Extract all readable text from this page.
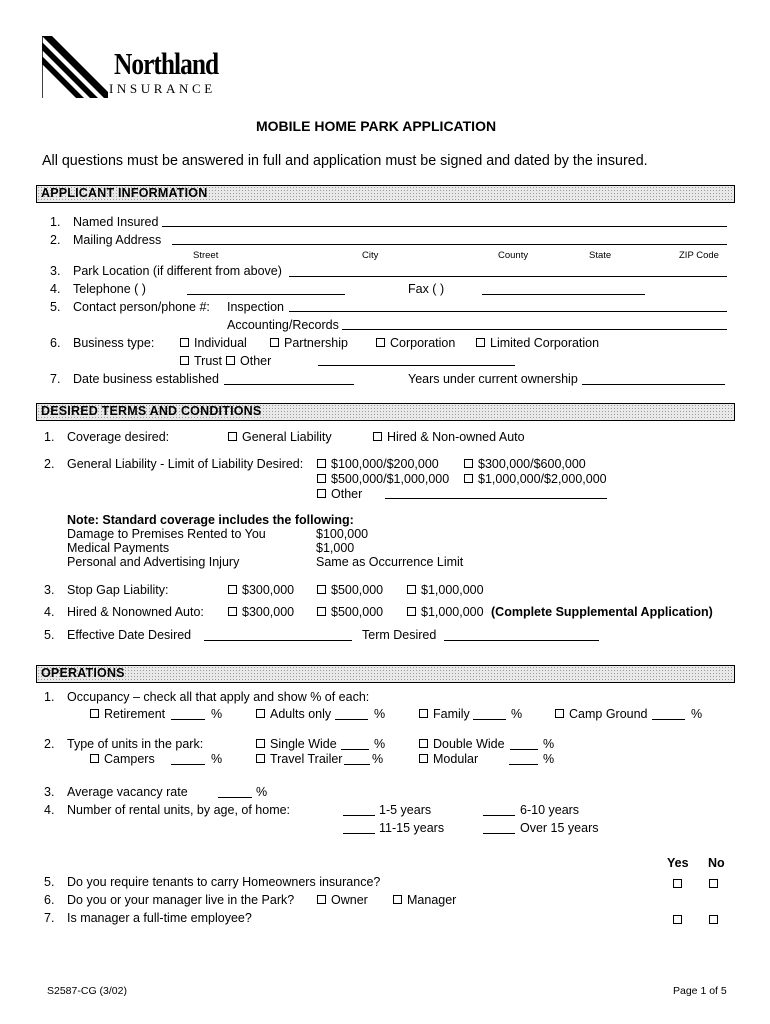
Northland
INSURANCE
MOBILE HOME PARK APPLICATION
All questions must be answered in full and application must be signed and dated by the insured.
APPLICANT INFORMATION
1. Named Insured
2. Mailing Address
Street	City	County	State	ZIP Code
3. Park Location (if different from above)
4. Telephone ( )	Fax ( )
5. Contact person/phone #: Inspection
Accounting/Records
6. Business type:	Individual	Partnership	Corporation	Limited Corporation
Trust	Other
7. Date business established	Years under current ownership
DESIRED TERMS AND CONDITIONS
1. Coverage desired:	General Liability	Hired & Non-owned Auto
2. General Liability - Limit of Liability Desired:	$100,000/$200,000	$300,000/$600,000
$500,000/$1,000,000	$1,000,000/$2,000,000
Other
Note: Standard coverage includes the following:
Damage to Premises Rented to You	$100,000
Medical Payments	$1,000
Personal and Advertising Injury	Same as Occurrence Limit
3. Stop Gap Liability:	$300,000	$500,000	$1,000,000
4. Hired & Nonowned Auto:	$300,000	$500,000	$1,000,000 (Complete Supplemental Application)
5. Effective Date Desired	Term Desired
OPERATIONS
1. Occupancy – check all that apply and show % of each:
Retirement	%	Adults only	%	Family	%	Camp Ground	%
2. Type of units in the park:	Single Wide	%	Double Wide	%
Campers	%	Travel Trailer %	Modular	%
3. Average vacancy rate	%
4. Number of rental units, by age, of home:	1-5 years	6-10 years
11-15 years	Over 15 years
Yes No
5. Do you require tenants to carry Homeowners insurance?
6. Do you or your manager live in the Park?	Owner	Manager
7. Is manager a full-time employee?
S2587-CG (3/02)	Page 1 of 5
